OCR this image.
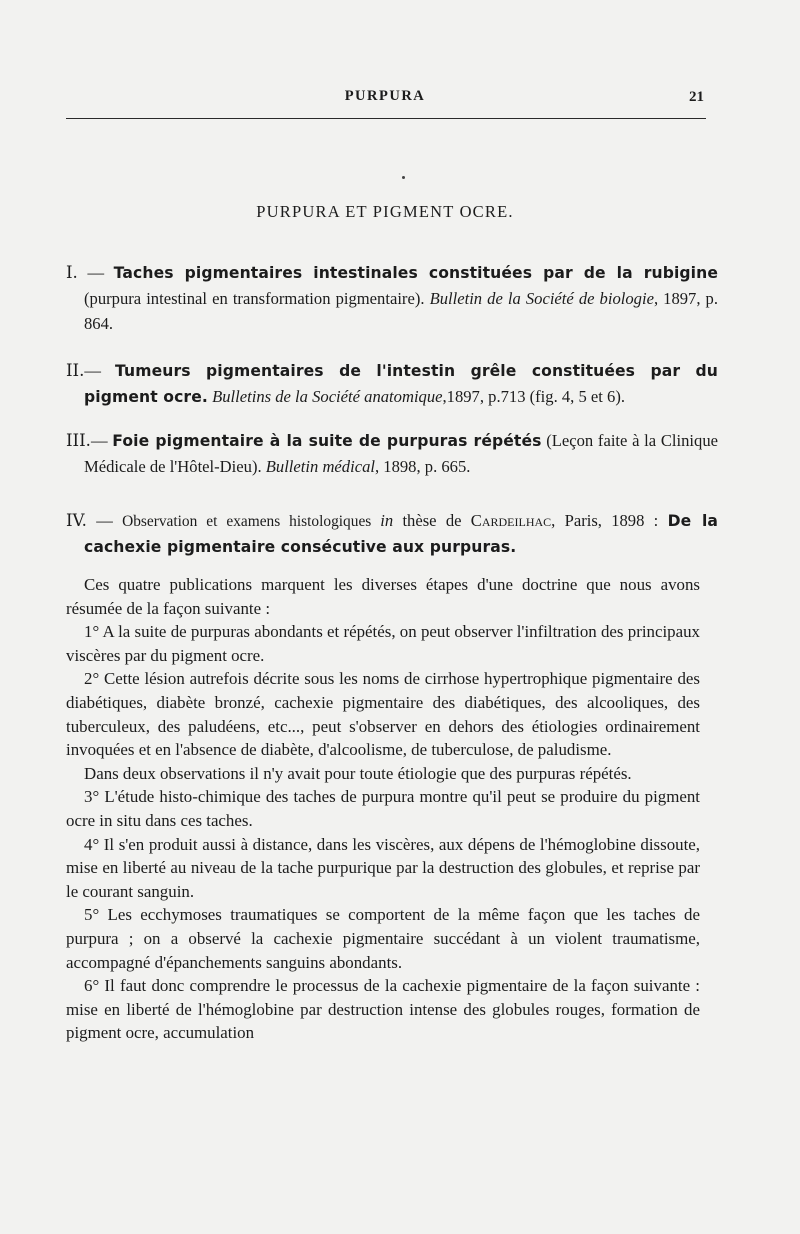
PURPURA	21
PURPURA ET PIGMENT OCRE.
I. — Taches pigmentaires intestinales constituées par de la rubigine (purpura intestinal en transformation pigmentaire). Bulletin de la Société de biologie, 1897, p. 864.
II.— Tumeurs pigmentaires de l'intestin grêle constituées par du pigment ocre. Bulletins de la Société anatomique,1897, p.713 (fig. 4, 5 et 6).
III.— Foie pigmentaire à la suite de purpuras répétés (Leçon faite à la Clinique Médicale de l'Hôtel-Dieu). Bulletin médical, 1898, p. 665.
IV. — Observation et examens histologiques in thèse de Cardeilhac, Paris, 1898 : De la cachexie pigmentaire consécutive aux purpuras.

Ces quatre publications marquent les diverses étapes d'une doctrine que nous avons résumée de la façon suivante :

1° A la suite de purpuras abondants et répétés, on peut observer l'infiltration des principaux viscères par du pigment ocre.

2° Cette lésion autrefois décrite sous les noms de cirrhose hypertrophique pigmentaire des diabétiques, diabète bronzé, cachexie pigmentaire des diabétiques, des alcooliques, des tuberculeux, des paludéens, etc..., peut s'observer en dehors des étiologies ordinairement invoquées et en l'absence de diabète, d'alcoolisme, de tuberculose, de paludisme.

Dans deux observations il n'y avait pour toute étiologie que des purpuras répétés.

3° L'étude histo-chimique des taches de purpura montre qu'il peut se produire du pigment ocre in situ dans ces taches.

4° Il s'en produit aussi à distance, dans les viscères, aux dépens de l'hémoglobine dissoute, mise en liberté au niveau de la tache purpurique par la destruction des globules, et reprise par le courant sanguin.

5° Les ecchymoses traumatiques se comportent de la même façon que les taches de purpura ; on a observé la cachexie pigmentaire succédant à un violent traumatisme, accompagné d'épanchements sanguins abondants.

6° Il faut donc comprendre le processus de la cachexie pigmentaire de la façon suivante : mise en liberté de l'hémoglobine par destruction intense des globules rouges, formation de pigment ocre, accumulation
